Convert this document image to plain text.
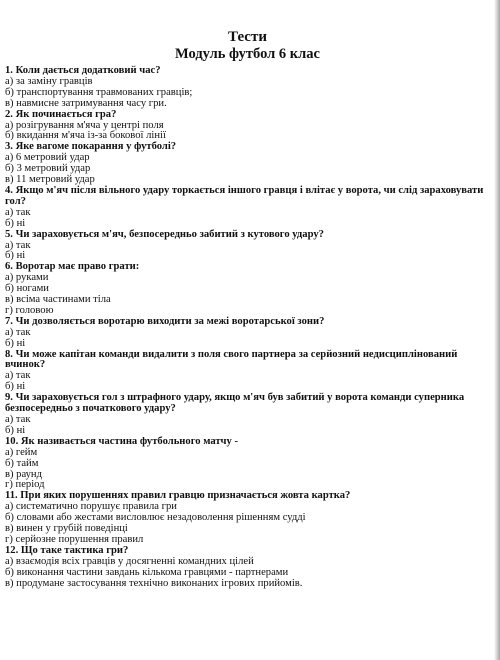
Тести
Модуль футбол 6 клас
1. Коли дається додатковий час?
а) за заміну гравців
б) транспортування травмованих гравців;
в) навмисне затримування часу гри.
2. Як починається гра?
а) розігрування м'яча у центрі поля
б) вкидання м'яча із-за бокової лінії
3. Яке вагоме покарання у футболі?
а) 6 метровий удар
б) 3 метровий удар
в) 11 метровий удар
4. Якщо м'яч після вільного удару торкається іншого гравця і влітає у ворота, чи слід зараховувати гол?
а) так
б) ні
5. Чи зараховується м'яч, безпосередньо забитий з кутового удару?
а) так
б) ні
6. Воротар має право грати:
а) руками
б) ногами
в) всіма частинами тіла
г) головою
7. Чи дозволяється воротарю виходити за межі воротарської зони?
а) так
б) ні
8. Чи може капітан команди видалити з поля свого партнера за серйозний недисциплінований вчинок?
а) так
б) ні
9. Чи зараховується гол з штрафного удару, якщо м'яч був забитий у ворота команди суперника безпосередньо з початкового удару?
а) так
б) ні
10. Як називається частина футбольного матчу -
а) гейм
б) тайм
в) раунд
г) період
11. При яких порушеннях правил гравцю призначається жовта картка?
а) систематично порушує правила гри
б) словами або жестами висловлює незадоволення рішенням судді
в) винен у грубій поведінці
г) серйозне порушення правил
12. Що таке тактика гри?
а) взаємодія всіх гравців у досягненні командних цілей
б) виконання частини завдань кількома гравцями - партнерами
в) продумане застосування технічно виконаних ігрових прийомів.
